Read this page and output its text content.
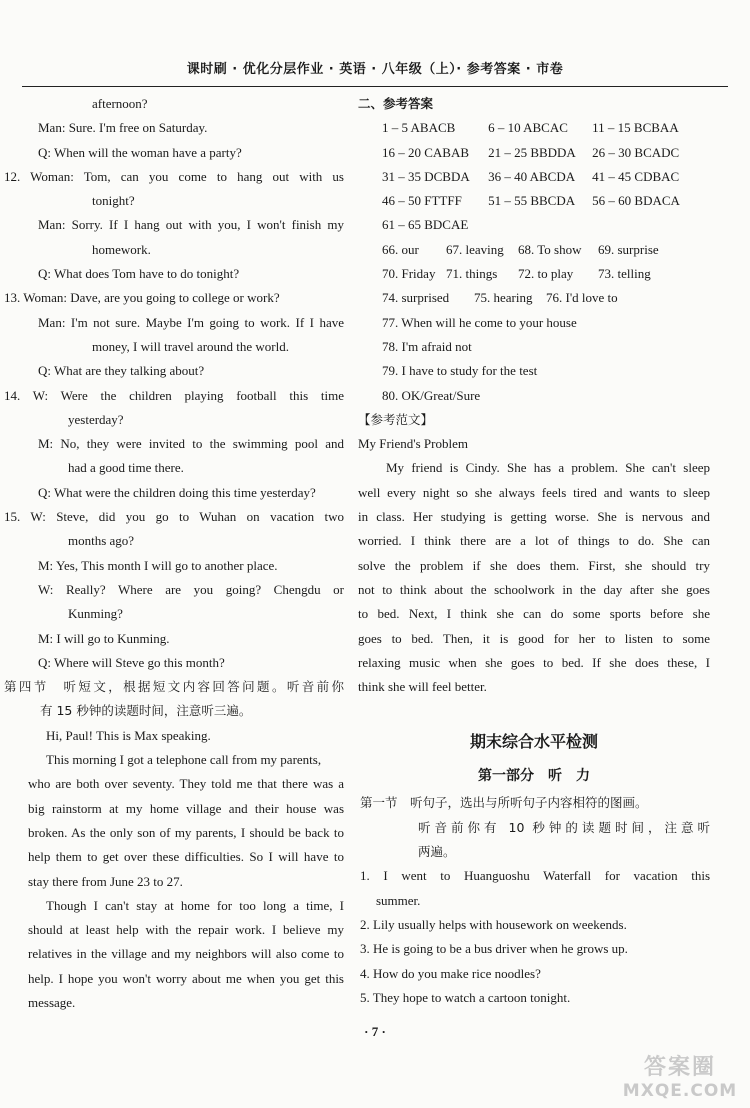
课时刷 · 优化分层作业 · 英语 · 八年级（上）· 参考答案 · 市卷
afternoon?
Man: Sure. I'm free on Saturday.
Q: When will the woman have a party?
12. Woman: Tom, can you come to hang out with us
tonight?
Man: Sorry. If I hang out with you, I won't finish my
homework.
Q: What does Tom have to do tonight?
13. Woman: Dave, are you going to college or work?
Man: I'm not sure. Maybe I'm going to work. If I have
money, I will travel around the world.
Q: What are they talking about?
14. W: Were the children playing football this time
yesterday?
M: No, they were invited to the swimming pool and
had a good time there.
Q: What were the children doing this time yesterday?
15. W: Steve, did you go to Wuhan on vacation two
months ago?
M: Yes, This month I will go to another place.
W: Really? Where are you going? Chengdu or
Kunming?
M: I will go to Kunming.
Q: Where will Steve go this month?
第四节　听短文，根据短文内容回答问题。听音前你
有 15 秒钟的读题时间，注意听三遍。
Hi, Paul! This is Max speaking.
This morning I got a telephone call from my parents,
who are both over seventy. They told me that there was a
big rainstorm at my home village and their house was
broken. As the only son of my parents, I should be back to
help them to get over these difficulties. So I will have to
stay there from June 23 to 27.
Though I can't stay at home for too long a time, I
should at least help with the repair work. I believe my
relatives in the village and my neighbors will also come to
help. I hope you won't worry about me when you get this
message.
二、参考答案
1 – 5 ABACB	6 – 10 ABCAC	11 – 15 BCBAA
16 – 20 CABAB	21 – 25 BBDDA	26 – 30 BCADC
31 – 35 DCBDA	36 – 40 ABCDA	41 – 45 CDBAC
46 – 50 FTTFF	51 – 55 BBCDA	56 – 60 BDACA
61 – 65 BDCAE
66. our	67. leaving	68. To show	69. surprise
70. Friday 71. things	72. to play	73. telling
74. surprised	75. hearing	76. I'd love to
77. When will he come to your house
78. I'm afraid not
79. I have to study for the test
80. OK/Great/Sure
【参考范文】
My Friend's Problem
My friend is Cindy. She has a problem. She can't sleep
well every night so she always feels tired and wants to sleep
in class. Her studying is getting worse. She is nervous and
worried. I think there are a lot of things to do. She can
solve the problem if she does them. First, she should try
not to think about the schoolwork in the day after she goes
to bed. Next, I think she can do some sports before she
goes to bed. Then, it is good for her to listen to some
relaxing music when she goes to bed. If she does these, I
think she will feel better.
期末综合水平检测
第一部分　听　力
第一节　听句子，选出与所听句子内容相符的图画。
听音前你有 10 秒钟的读题时间，注意听
两遍。
1. I went to Huanguoshu Waterfall for vacation this
summer.
2. Lily usually helps with housework on weekends.
3. He is going to be a bus driver when he grows up.
4. How do you make rice noodles?
5. They hope to watch a cartoon tonight.
· 7 ·
答案圈
MXQE.COM
